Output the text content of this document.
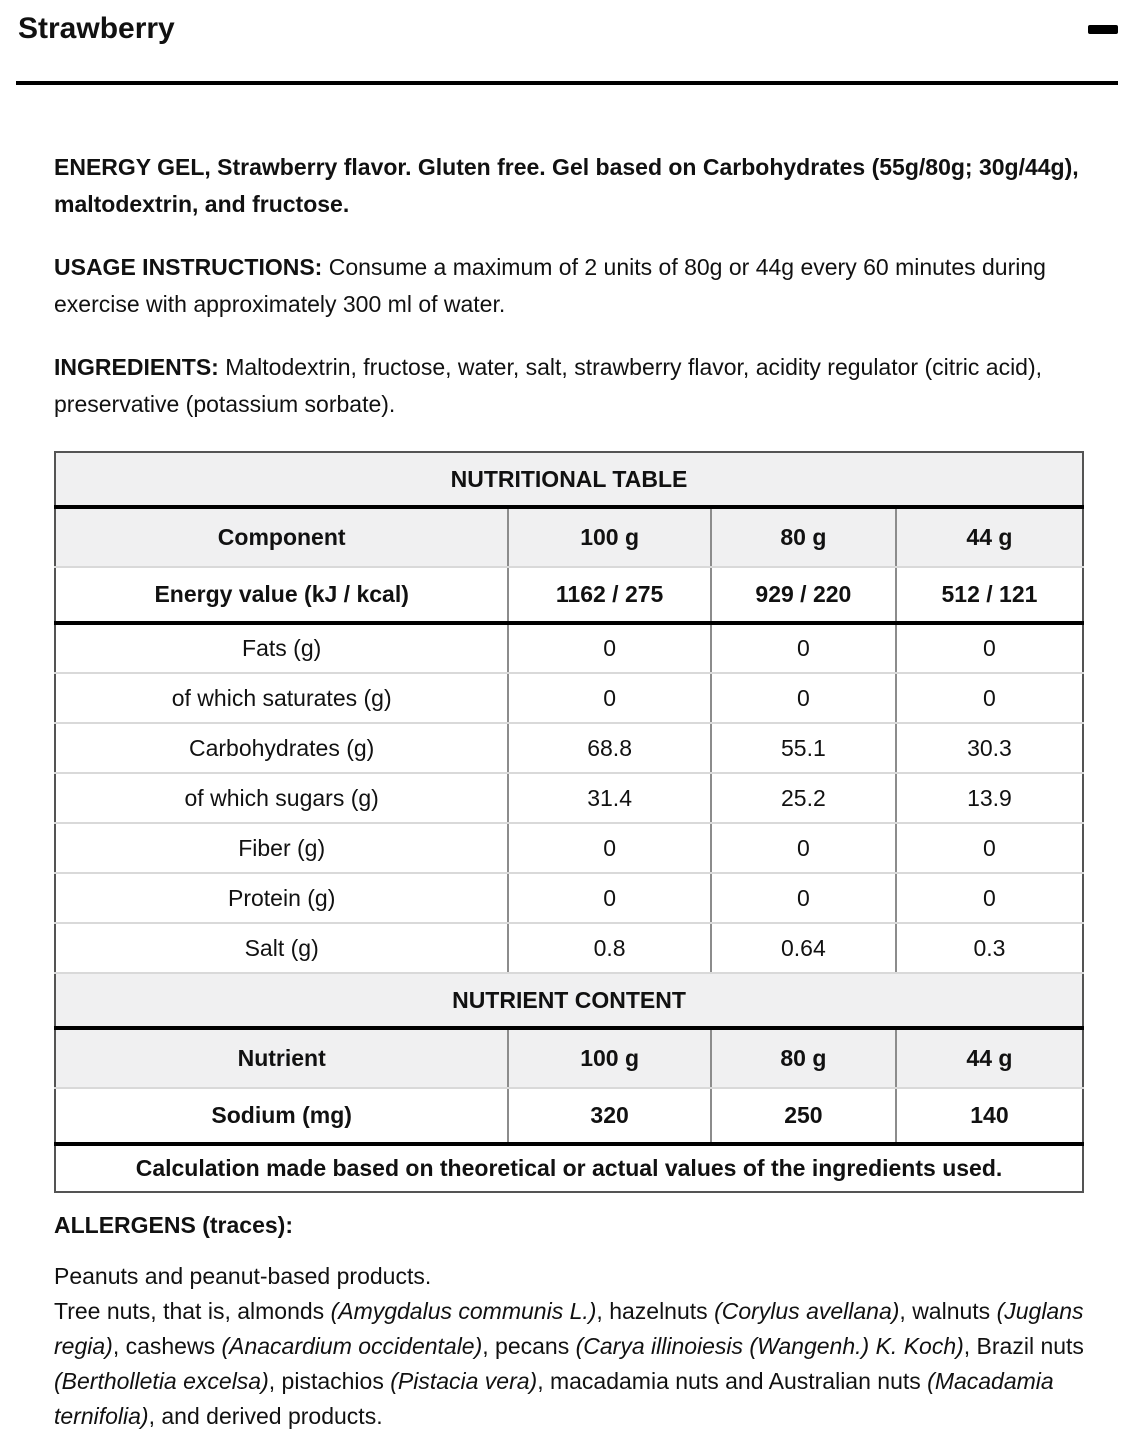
Strawberry

ENERGY GEL, Strawberry flavor. Gluten free. Gel based on Carbohydrates (55g/80g; 30g/44g), maltodextrin, and fructose.

USAGE INSTRUCTIONS: Consume a maximum of 2 units of 80g or 44g every 60 minutes during exercise with approximately 300 ml of water.

INGREDIENTS: Maltodextrin, fructose, water, salt, strawberry flavor, acidity regulator (citric acid), preservative (potassium sorbate).

NUTRITIONAL TABLE			
Component	100 g	80 g	44 g
Energy value (kJ / kcal)	1162 / 275	929 / 220	512 / 121
Fats (g)	0	0	0
of which saturates (g)	0	0	0
Carbohydrates (g)	68.8	55.1	30.3
of which sugars (g)	31.4	25.2	13.9
Fiber (g)	0	0	0
Protein (g)	0	0	0
Salt (g)	0.8	0.64	0.3
NUTRIENT CONTENT			
Nutrient	100 g	80 g	44 g
Sodium (mg)	320	250	140
Calculation made based on theoretical or actual values of the ingredients used.			
ALLERGENS (traces):
Peanuts and peanut-based products.
Tree nuts, that is, almonds (Amygdalus communis L.), hazelnuts (Corylus avellana), walnuts (Juglans regia), cashews (Anacardium occidentale), pecans (Carya illinoiesis (Wangenh.) K. Koch), Brazil nuts (Bertholletia excelsa), pistachios (Pistacia vera), macadamia nuts and Australian nuts (Macadamia ternifolia), and derived products.
